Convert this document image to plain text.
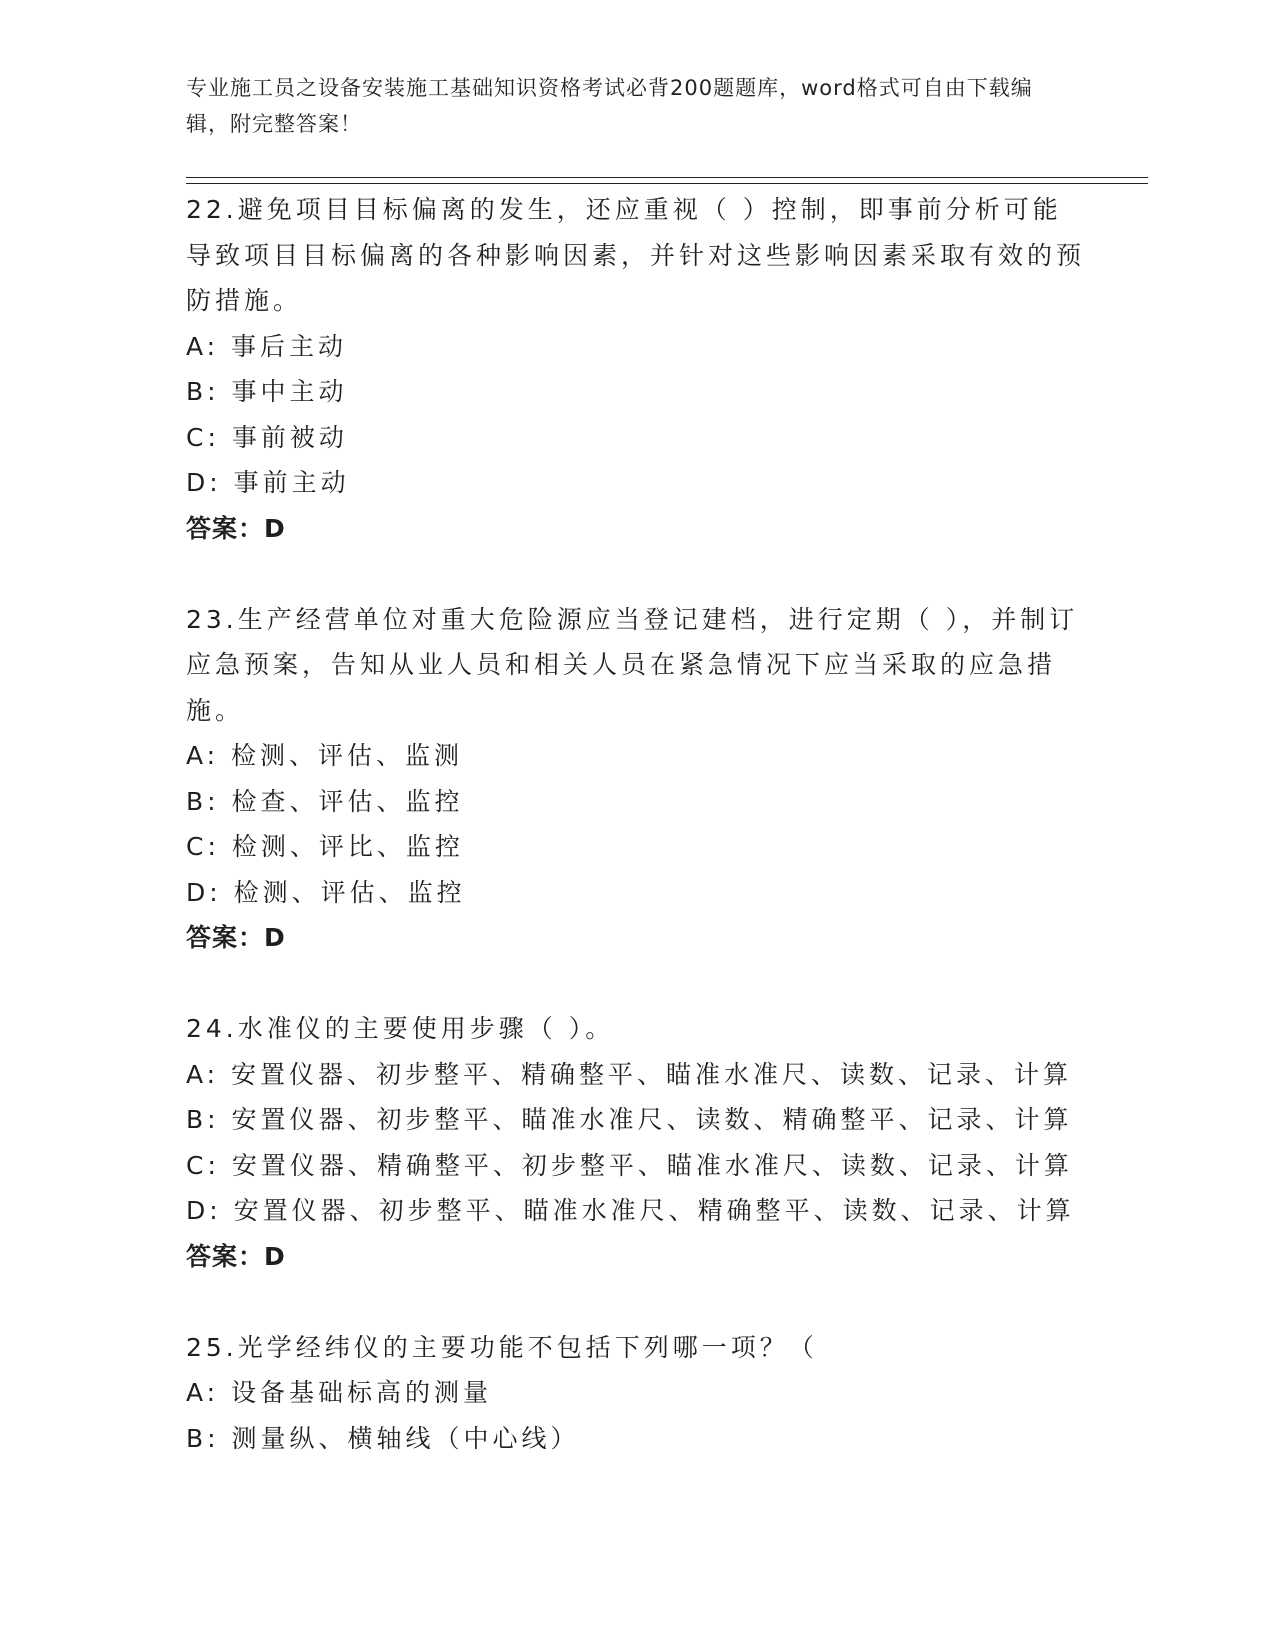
专业施工员之设备安装施工基础知识资格考试必背200题题库，word格式可自由下载编辑，附完整答案！

22.避免项目目标偏离的发生，还应重视（ ）控制，即事前分析可能导致项目目标偏离的各种影响因素，并针对这些影响因素采取有效的预防措施。

A: 事后主动

B: 事中主动

C: 事前被动

D: 事前主动

答案：D

23.生产经营单位对重大危险源应当登记建档，进行定期（ ），并制订应急预案，告知从业人员和相关人员在紧急情况下应当采取的应急措施。

A: 检测、评估、监测

B: 检查、评估、监控

C: 检测、评比、监控

D: 检测、评估、监控

答案：D

24.水准仪的主要使用步骤（ ）。

A: 安置仪器、初步整平、精确整平、瞄准水准尺、读数、记录、计算

B: 安置仪器、初步整平、瞄准水准尺、读数、精确整平、记录、计算

C: 安置仪器、精确整平、初步整平、瞄准水准尺、读数、记录、计算

D: 安置仪器、初步整平、瞄准水准尺、精确整平、读数、记录、计算

答案：D

25.光学经纬仪的主要功能不包括下列哪一项？（

A: 设备基础标高的测量

B: 测量纵、横轴线（中心线）
